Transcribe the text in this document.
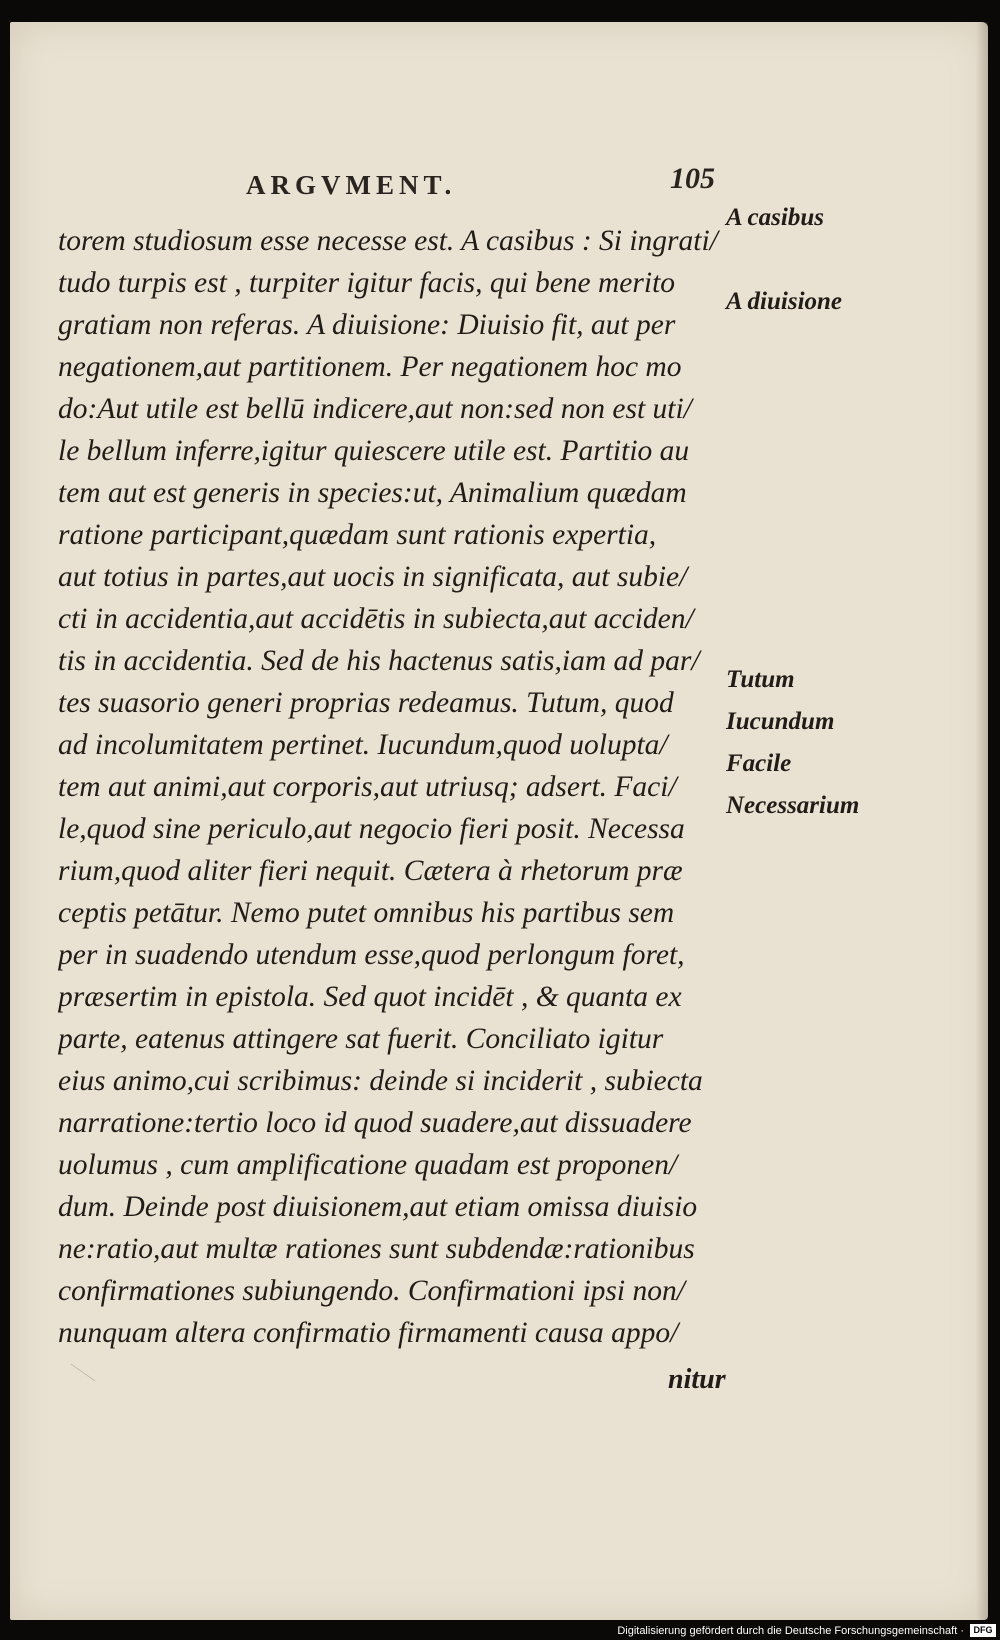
ARGVMENT.	105
torem studiosum esse necesse est. A casibus : Si ingrati/
tudo turpis est , turpiter igitur facis, qui bene merito
gratiam non referas. A diuisione: Diuisio fit, aut per
negationem,aut partitionem. Per negationem hoc mo
do:Aut utile est bellū indicere,aut non:sed non est uti/
le bellum inferre,igitur quiescere utile est. Partitio au
tem aut est generis in species:ut, Animalium quædam
ratione participant,quædam sunt rationis expertia,
aut totius in partes,aut uocis in significata, aut subie/
cti in accidentia,aut accidētis in subiecta,aut acciden/
tis in accidentia. Sed de his hactenus satis,iam ad par/
tes suasorio generi proprias redeamus. Tutum, quod
ad incolumitatem pertinet. Iucundum,quod uolupta/
tem aut animi,aut corporis,aut utriusq; adsert. Faci/
le,quod sine periculo,aut negocio fieri posit. Necessa
rium,quod aliter fieri nequit. Cætera à rhetorum præ
ceptis petātur. Nemo putet omnibus his partibus sem
per in suadendo utendum esse,quod perlongum foret,
præsertim in epistola. Sed quot incidēt , & quanta ex
parte, eatenus attingere sat fuerit. Conciliato igitur
eius animo,cui scribimus: deinde si inciderit , subiecta
narratione:tertio loco id quod suadere,aut dissuadere
uolumus , cum amplificatione quadam est proponen/
dum. Deinde post diuisionem,aut etiam omissa diuisio
ne:ratio,aut multæ rationes sunt subdendæ:rationibus
confirmationes subiungendo. Confirmationi ipsi non/
nunquam altera confirmatio firmamenti causa appo/
A casibus
A diuisione
Tutum
Iucundum
Facile
Necessarium
nitur
Digitalisierung gefördert durch die Deutsche Forschungsgemeinschaft ·	DFG
